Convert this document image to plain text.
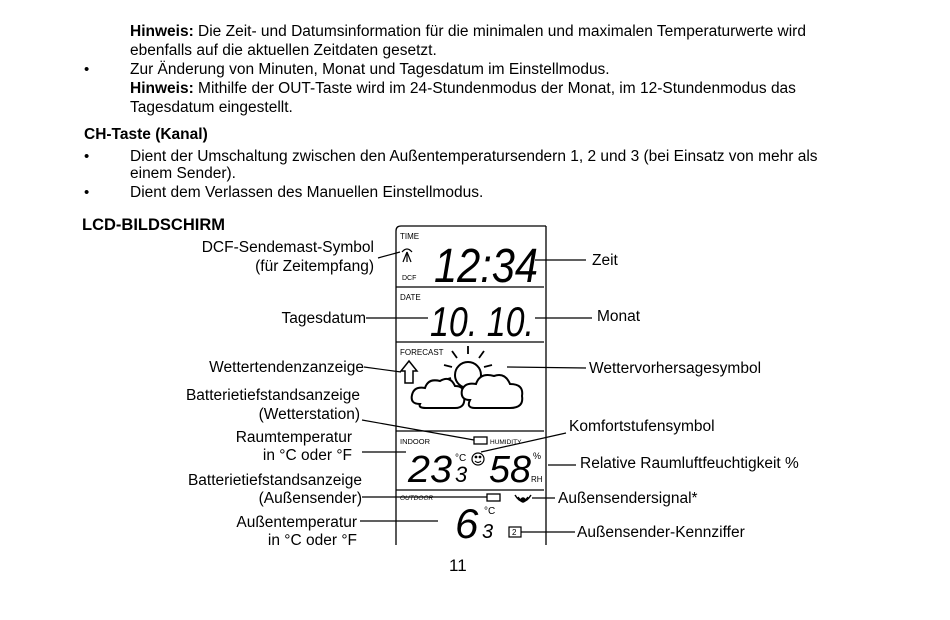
Hinweis: Die Zeit- und Datumsinformation für die minimalen und maximalen Temperaturwerte wird
ebenfalls auf die aktuellen Zeitdaten gesetzt.
•	Zur Änderung von Minuten, Monat und Tagesdatum im Einstellmodus.
Hinweis: Mithilfe der OUT-Taste wird im 24-Stundenmodus der Monat, im 12-Stundenmodus das
Tagesdatum eingestellt.
CH-Taste (Kanal)
•	Dient der Umschaltung zwischen den Außentemperatursendern 1, 2 und 3 (bei Einsatz von mehr als
einem Sender).
•	Dient dem Verlassen des Manuellen Einstellmodus.
LCD-BILDSCHIRM
TIME
DCF
DATE
FORECAST
HUMIDITY
INDOOR
OUTDOOR
12:34
10. 10.
23 3
°C 58 %
RH
6 3
°C
2
DCF-Sendemast-Symbol
(für Zeitempfang)
Tagesdatum
Wettertendenzanzeige
Batterietiefstandsanzeige
(Wetterstation)
Raumtemperatur
in °C oder °F
Batterietiefstandsanzeige
(Außensender)
Außentemperatur
in °C oder °F
Zeit
Monat
Wettervorhersagesymbol
Komfortstufensymbol
Relative Raumluftfeuchtigkeit %
Außensendersignal*
Außensender-Kennziffer
11
